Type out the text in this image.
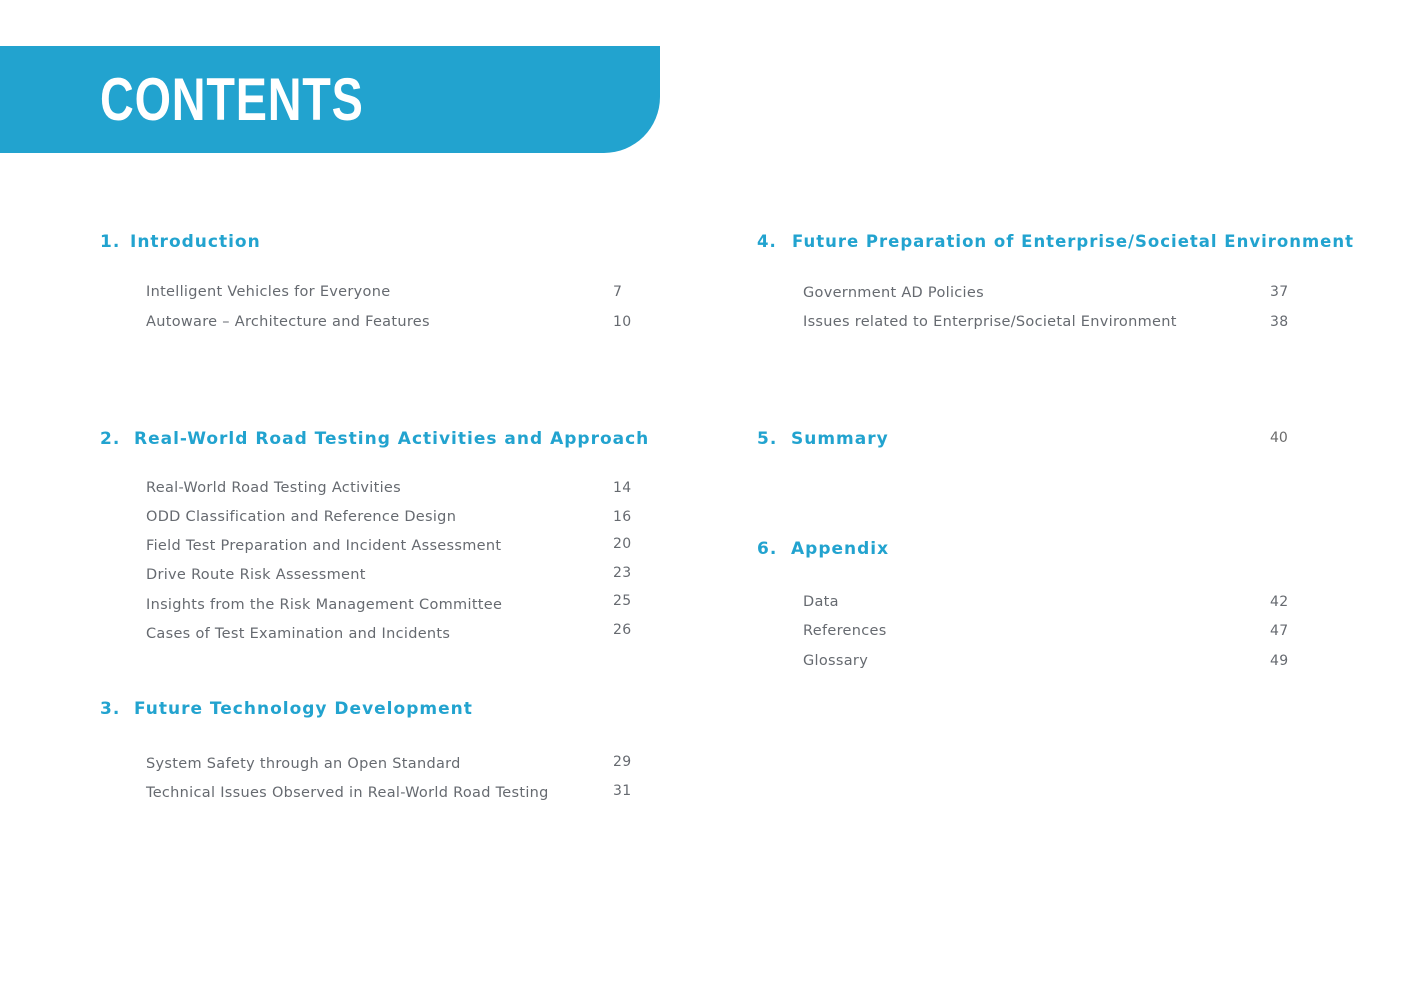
CONTENTS
1. Introduction
Intelligent Vehicles for Everyone	7
Autoware – Architecture and Features	10
2. Real-World Road Testing Activities and Approach
Real-World Road Testing Activities	14
ODD Classification and Reference Design	16
Field Test Preparation and Incident Assessment	20
Drive Route Risk Assessment	23
Insights from the Risk Management Committee	25
Cases of Test Examination and Incidents	26
3. Future Technology Development
System Safety through an Open Standard	29
Technical Issues Observed in Real-World Road Testing	31
4. Future Preparation of Enterprise/Societal Environment
Government AD Policies	37
Issues related to Enterprise/Societal Environment	38
5. Summary	40
6. Appendix
Data	42
References	47
Glossary	49
